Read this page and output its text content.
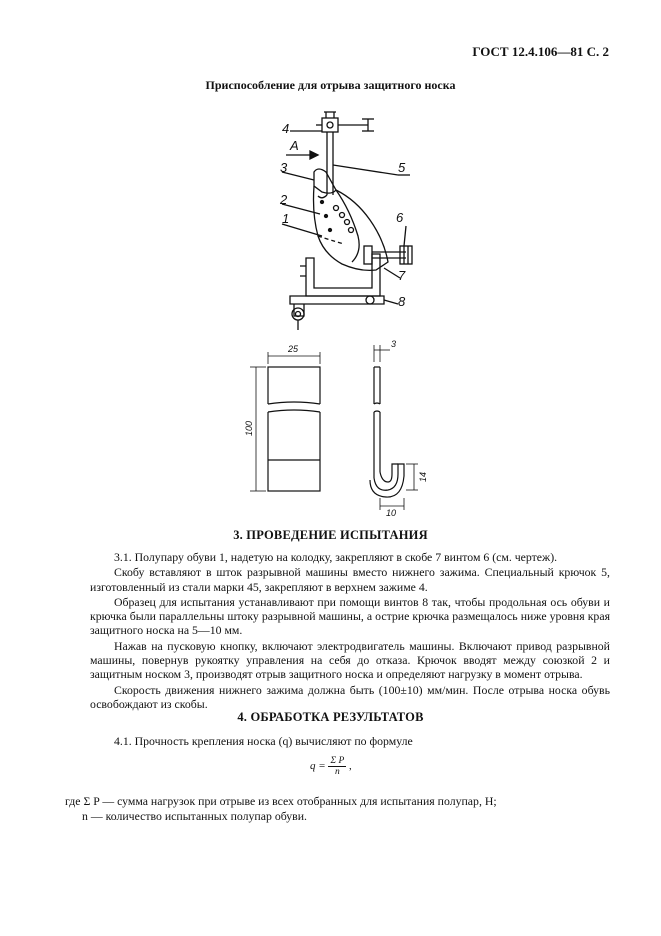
ГОСТ 12.4.106—81 С. 2
Приспособление для отрыва защитного носка
4
A
3	5
2
1	6
7
8
25
100
3
10
14
3. ПРОВЕДЕНИЕ ИСПЫТАНИЯ

3.1. Полупару обуви 1, надетую на колодку, закрепляют в скобе 7 винтом 6 (см. чертеж).

Скобу вставляют в шток разрывной машины вместо нижнего зажима. Специальный крючок 5, изготовленный из стали марки 45, закрепляют в верхнем зажиме 4.

Образец для испытания устанавливают при помощи винтов 8 так, чтобы продольная ось обуви и крючка были параллельны штоку разрывной машины, а острие крючка размещалось ниже уровня края защитного носка на 5—10 мм.

Нажав на пусковую кнопку, включают электродвигатель машины. Включают привод разрывной машины, повернув рукоятку управления на себя до отказа. Крючок вводят между союзкой 2 и защитным носком 3, производят отрыв защитного носка и определяют нагрузку в момент отрыва.

Скорость движения нижнего зажима должна быть (100±10) мм/мин. После отрыва носка обувь освобождают из скобы.

4. ОБРАБОТКА РЕЗУЛЬТАТОВ

4.1. Прочность крепления носка (q) вычисляют по формуле

$q = \frac{\text{Σ P}}{n}$ ,

где Σ P — сумма нагрузок при отрыве из всех отобранных для испытания полупар, Н;

n — количество испытанных полупар обуви.
